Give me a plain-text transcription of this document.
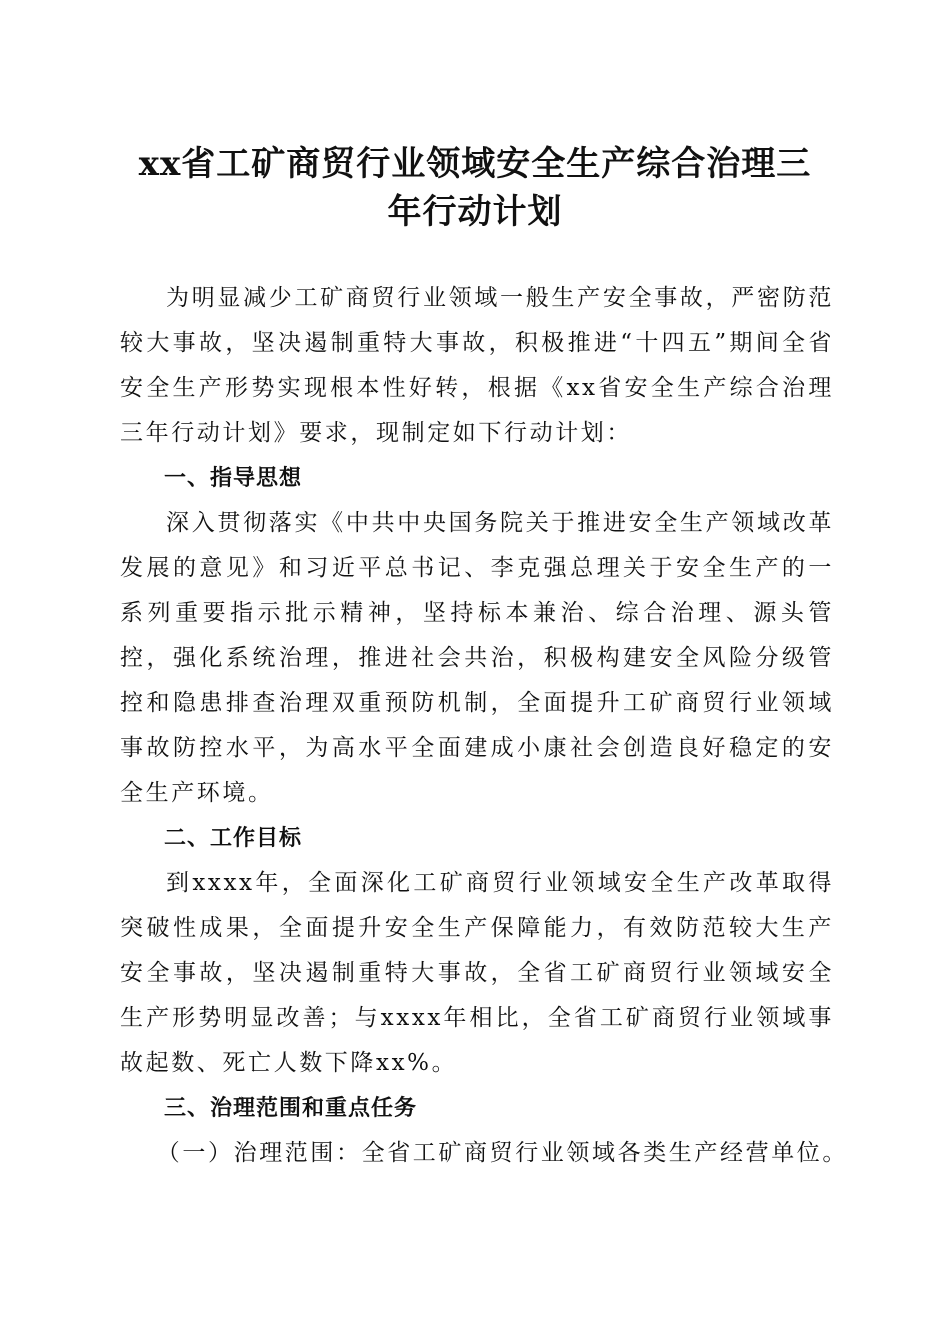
xx省工矿商贸行业领域安全生产综合治理三
年行动计划

为明显减少工矿商贸行业领域一般生产安全事故，严密防范较大事故，坚决遏制重特大事故，积极推进“十四五”期间全省安全生产形势实现根本性好转，根据《xx省安全生产综合治理三年行动计划》要求，现制定如下行动计划：

一、指导思想

深入贯彻落实《中共中央国务院关于推进安全生产领域改革发展的意见》和习近平总书记、李克强总理关于安全生产的一系列重要指示批示精神，坚持标本兼治、综合治理、源头管控，强化系统治理，推进社会共治，积极构建安全风险分级管控和隐患排查治理双重预防机制，全面提升工矿商贸行业领域事故防控水平，为高水平全面建成小康社会创造良好稳定的安全生产环境。

二、工作目标

到xxxx年，全面深化工矿商贸行业领域安全生产改革取得突破性成果，全面提升安全生产保障能力，有效防范较大生产安全事故，坚决遏制重特大事故，全省工矿商贸行业领域安全生产形势明显改善；与xxxx年相比，全省工矿商贸行业领域事故起数、死亡人数下降xx%。

三、治理范围和重点任务

（一）治理范围：全省工矿商贸行业领域各类生产经营单位。
